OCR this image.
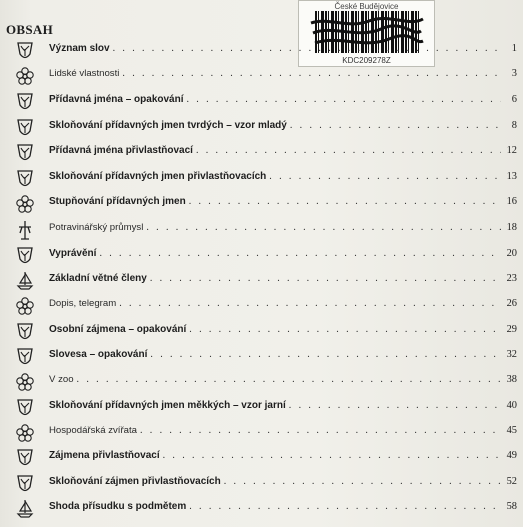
OBSAH
České Budějovice
KDC209278Z
Význam slov . . .	1
Lidské vlastnosti . . .	3
Přídavná jména – opakování . . .	6
Skloňování přídavných jmen tvrdých – vzor mladý . . .	8
Přídavná jména přivlastňovací . . .	12
Skloňování přídavných jmen přivlastňovacích . . .	13
Stupňování přídavných jmen . . .	16
Potravinářský průmysl . . .	18
Vyprávění . . .	20
Základní větné členy . . .	23
Dopis, telegram . . .	26
Osobní zájmena – opakování . . .	29
Slovesa – opakování . . .	32
V zoo . . .	38
Skloňování přídavných jmen měkkých – vzor jarní . . .	40
Hospodářská zvířata . . .	45
Zájmena přivlastňovací . . .	49
Skloňování zájmen přivlastňovacích . . .	52
Shoda přísudku s podmětem . . .	58
